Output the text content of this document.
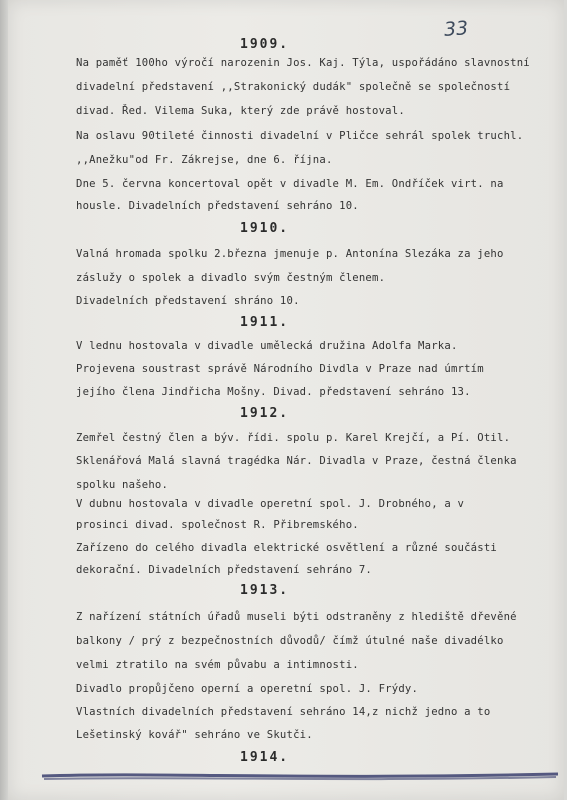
33
1909.
Na paměť 100ho výročí narozenin Jos. Kaj. Týla, uspořádáno slavnostní
divadelní představení ,,Strakonický dudák" společně se společností
divad. Řed. Vilema Suka, který zde právě hostoval.
Na oslavu 90tileté činnosti divadelní v Pličce sehrál spolek truchl.
,,Anežku"od Fr. Zákrejse, dne 6. října.
Dne 5. června koncertoval opět v divadle M. Em. Ondříček virt. na
housle. Divadelních představení sehráno 10.
1910.
Valná hromada spolku 2.března jmenuje p. Antonína Slezáka za jeho
záslužy o spolek a divadlo svým čestným členem.
Divadelních představení shráno 10.
1911.
V lednu hostovala v divadle umělecká družina Adolfa Marka.
Projevena soustrast správě Národního Divdla v Praze nad úmrtím
jejího člena Jindřicha Mošny. Divad. představení sehráno 13.
1912.
Zemřel čestný člen a býv. řídi. spolu p. Karel Krejčí, a Pí. Otil.
Sklenářová Malá slavná tragédka Nár. Divadla v Praze, čestná členka
spolku našeho.
V dubnu hostovala v divadle operetní spol. J. Drobného, a v
prosinci divad. společnost R. Přibremského.
Zařízeno do celého divadla elektrické osvětlení a různé součásti
dekorační. Divadelních představení sehráno 7.
1913.
Z nařízení státních úřadů museli býti odstraněny z hlediště dřevěné
balkony / prý z bezpečnostních důvodů/ čímž útulné naše divadélko
velmi ztratilo na svém půvabu a intimnosti.
Divadlo propůjčeno operní a operetní spol. J. Frýdy.
Vlastních divadelních představení sehráno 14,z nichž jedno a to
Lešetinský kovář" sehráno ve Skutči.
1914.
